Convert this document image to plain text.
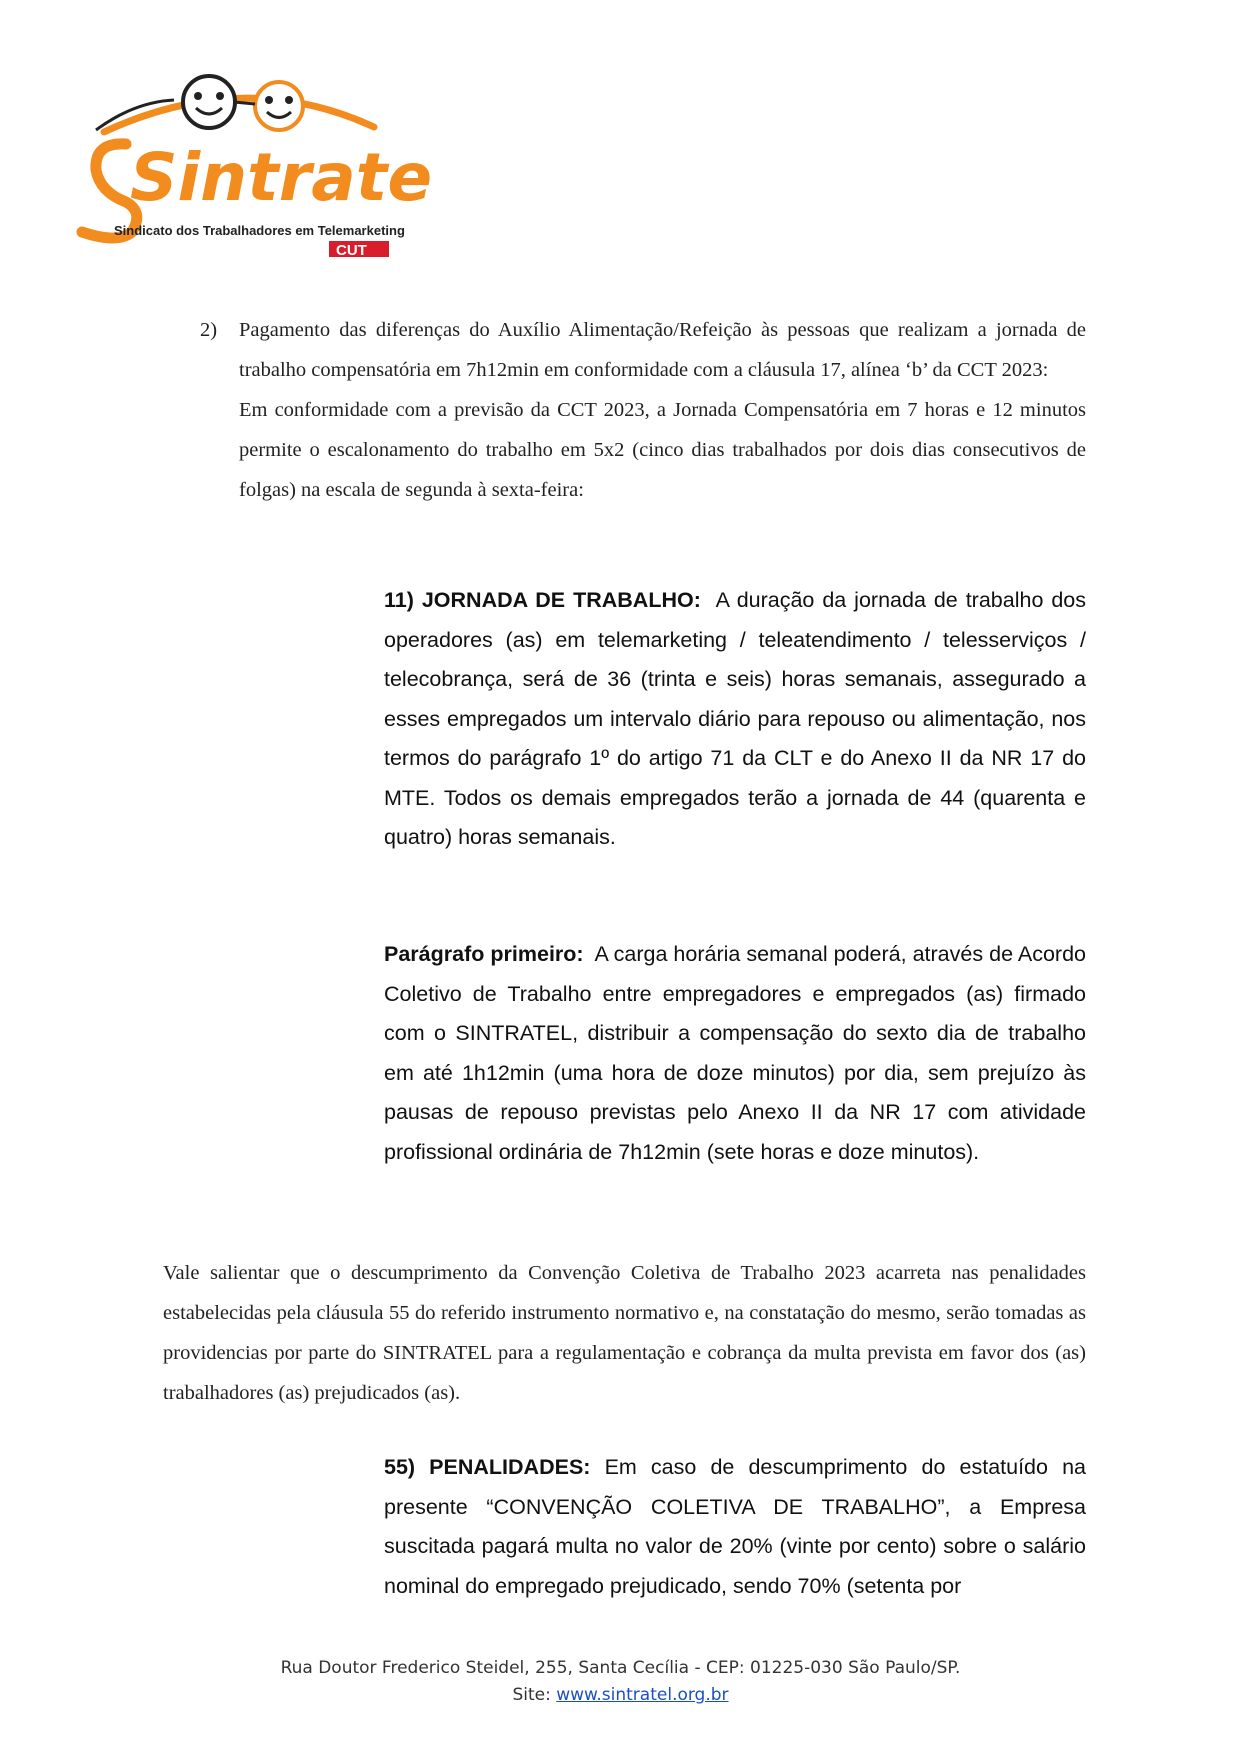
Sintratel
Sindicato dos Trabalhadores em Telemarketing
CUT
2) Pagamento das diferenças do Auxílio Alimentação/Refeição às pessoas que realizam a jornada de trabalho compensatória em 7h12min em conformidade com a cláusula 17, alínea ‘b’ da CCT 2023:

Em conformidade com a previsão da CCT 2023, a Jornada Compensatória em 7 horas e 12 minutos permite o escalonamento do trabalho em 5x2 (cinco dias trabalhados por dois dias consecutivos de folgas) na escala de segunda à sexta-feira:

11) JORNADA DE TRABALHO: A duração da jornada de trabalho dos operadores (as) em telemarketing / teleatendimento / telesserviços / telecobrança, será de 36 (trinta e seis) horas semanais, assegurado a esses empregados um intervalo diário para repouso ou alimentação, nos termos do parágrafo 1º do artigo 71 da CLT e do Anexo II da NR 17 do MTE. Todos os demais empregados terão a jornada de 44 (quarenta e quatro) horas semanais.

Parágrafo primeiro: A carga horária semanal poderá, através de Acordo Coletivo de Trabalho entre empregadores e empregados (as) firmado com o SINTRATEL, distribuir a compensação do sexto dia de trabalho em até 1h12min (uma hora de doze minutos) por dia, sem prejuízo às pausas de repouso previstas pelo Anexo II da NR 17 com atividade profissional ordinária de 7h12min (sete horas e doze minutos).

Vale salientar que o descumprimento da Convenção Coletiva de Trabalho 2023 acarreta nas penalidades estabelecidas pela cláusula 55 do referido instrumento normativo e, na constatação do mesmo, serão tomadas as providencias por parte do SINTRATEL para a regulamentação e cobrança da multa prevista em favor dos (as) trabalhadores (as) prejudicados (as).

55) PENALIDADES: Em caso de descumprimento do estatuído na presente “CONVENÇÃO COLETIVA DE TRABALHO”, a Empresa suscitada pagará multa no valor de 20% (vinte por cento) sobre o salário nominal do empregado prejudicado, sendo 70% (setenta por

Rua Doutor Frederico Steidel, 255, Santa Cecília - CEP: 01225-030 São Paulo/SP.
Site: www.sintratel.org.br
